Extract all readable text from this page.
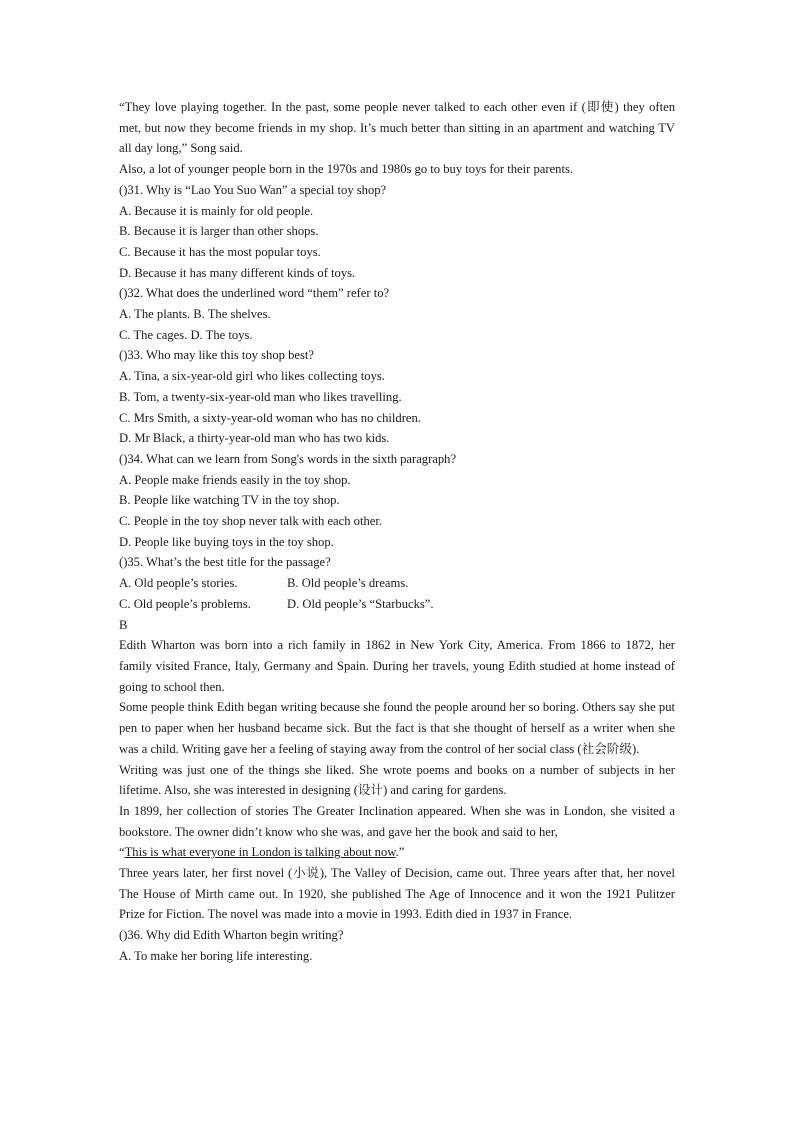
“They love playing together. In the past, some people never talked to each other even if (即使) they often met, but now they become friends in my shop. It’s much better than sitting in an apartment and watching TV all day long,” Song said.

Also, a lot of younger people born in the 1970s and 1980s go to buy toys for their parents.

()31. Why is “Lao You Suo Wan” a special toy shop?

A. Because it is mainly for old people.

B. Because it is larger than other shops.

C. Because it has the most popular toys.

D. Because it has many different kinds of toys.

()32. What does the underlined word “them” refer to?

A. The plants. B. The shelves.

C. The cages. D. The toys.

()33. Who may like this toy shop best?

A. Tina, a six-year-old girl who likes collecting toys.

B. Tom, a twenty-six-year-old man who likes travelling.

C. Mrs Smith, a sixty-year-old woman who has no children.

D. Mr Black, a thirty-year-old man who has two kids.

()34. What can we learn from Song's words in the sixth paragraph?

A. People make friends easily in the toy shop.

B. People like watching TV in the toy shop.

C. People in the toy shop never talk with each other.

D. People like buying toys in the toy shop.

()35. What’s the best title for the passage?

A. Old people’s stories.	B. Old people’s dreams.
C. Old people’s problems.	D. Old people’s “Starbucks”.

B

Edith Wharton was born into a rich family in 1862 in New York City, America. From 1866 to 1872, her family visited France, Italy, Germany and Spain. During her travels, young Edith studied at home instead of going to school then.

Some people think Edith began writing because she found the people around her so boring. Others say she put pen to paper when her husband became sick. But the fact is that she thought of herself as a writer when she was a child. Writing gave her a feeling of staying away from the control of her social class (社会阶级).

Writing was just one of the things she liked. She wrote poems and books on a number of subjects in her lifetime. Also, she was interested in designing (设计) and caring for gardens.

In 1899, her collection of stories The Greater Inclination appeared. When she was in London, she visited a bookstore. The owner didn’t know who she was, and gave her the book and said to her,

“This is what everyone in London is talking about now.”

Three years later, her first novel (小说), The Valley of Decision, came out. Three years after that, her novel The House of Mirth came out. In 1920, she published The Age of Innocence and it won the 1921 Pulitzer Prize for Fiction. The novel was made into a movie in 1993. Edith died in 1937 in France.

()36. Why did Edith Wharton begin writing?

A. To make her boring life interesting.
